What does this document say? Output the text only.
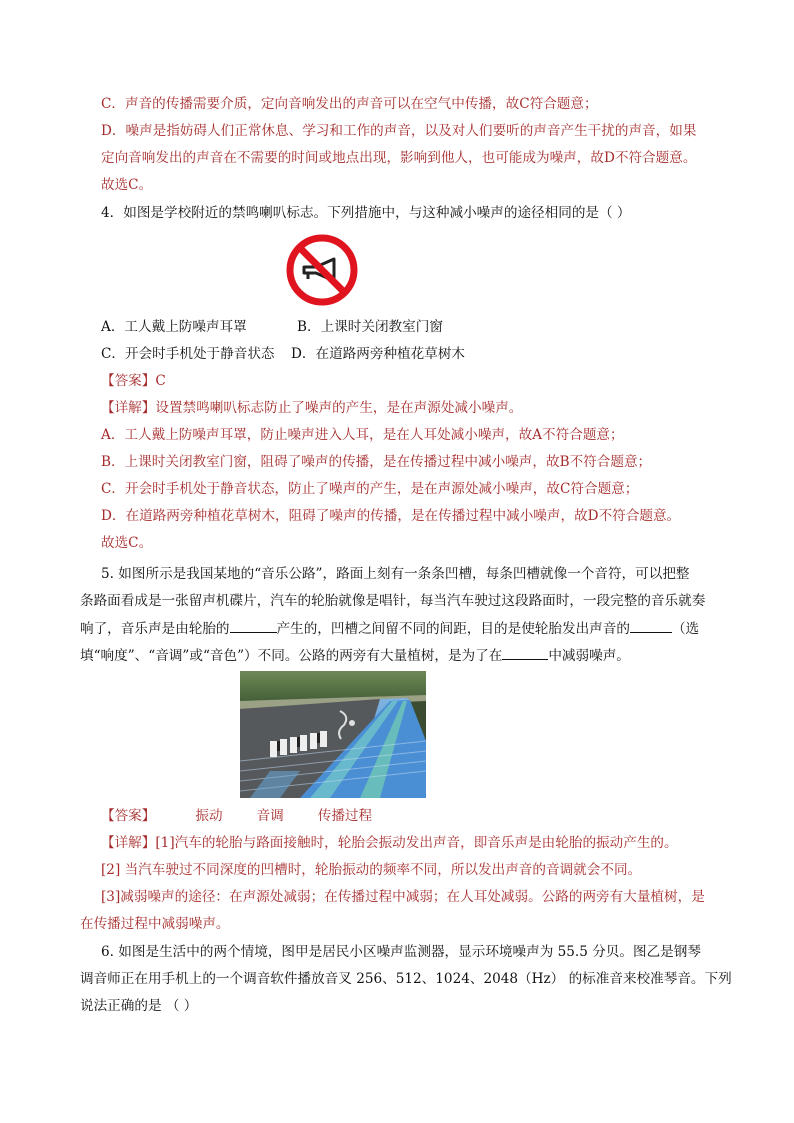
C．声音的传播需要介质，定向音响发出的声音可以在空气中传播，故C符合题意；
D．噪声是指妨碍人们正常休息、学习和工作的声音，以及对人们要听的声音产生干扰的声音，如果
定向音响发出的声音在不需要的时间或地点出现，影响到他人，也可能成为噪声，故D不符合题意。
故选C。
4．如图是学校附近的禁鸣喇叭标志。下列措施中，与这种减小噪声的途径相同的是（ ）
A．工人戴上防噪声耳罩	B．上课时关闭教室门窗
C．开会时手机处于静音状态 D．在道路两旁种植花草树木
【答案】C
【详解】设置禁鸣喇叭标志防止了噪声的产生，是在声源处减小噪声。
A．工人戴上防噪声耳罩，防止噪声进入人耳，是在人耳处减小噪声，故A不符合题意；
B．上课时关闭教室门窗，阻碍了噪声的传播，是在传播过程中减小噪声，故B不符合题意；
C．开会时手机处于静音状态，防止了噪声的产生，是在声源处减小噪声，故C符合题意；
D．在道路两旁种植花草树木，阻碍了噪声的传播，是在传播过程中减小噪声，故D不符合题意。
故选C。
5. 如图所示是我国某地的“音乐公路”，路面上刻有一条条凹槽，每条凹槽就像一个音符，可以把整
条路面看成是一张留声机碟片，汽车的轮胎就像是唱针，每当汽车驶过这段路面时，一段完整的音乐就奏
响了，音乐声是由轮胎的	产生的，凹槽之间留不同的间距，目的是使轮胎发出声音的	（选
填“响度”、“音调”或“音色”）不同。公路的两旁有大量植树，是为了在	中减弱噪声。
【答案】	振动	音调	传播过程
【详解】[1]汽车的轮胎与路面接触时，轮胎会振动发出声音，即音乐声是由轮胎的振动产生的。
[2] 当汽车驶过不同深度的凹槽时，轮胎振动的频率不同，所以发出声音的音调就会不同。
[3]减弱噪声的途径：在声源处减弱；在传播过程中减弱；在人耳处减弱。公路的两旁有大量植树，是
在传播过程中减弱噪声。
6. 如图是生活中的两个情境，图甲是居民小区噪声监测器，显示环境噪声为 55.5 分贝。图乙是钢琴
调音师正在用手机上的一个调音软件播放音叉 256、512、1024、2048（Hz） 的标准音来校准琴音。下列
说法正确的是 （ ）
